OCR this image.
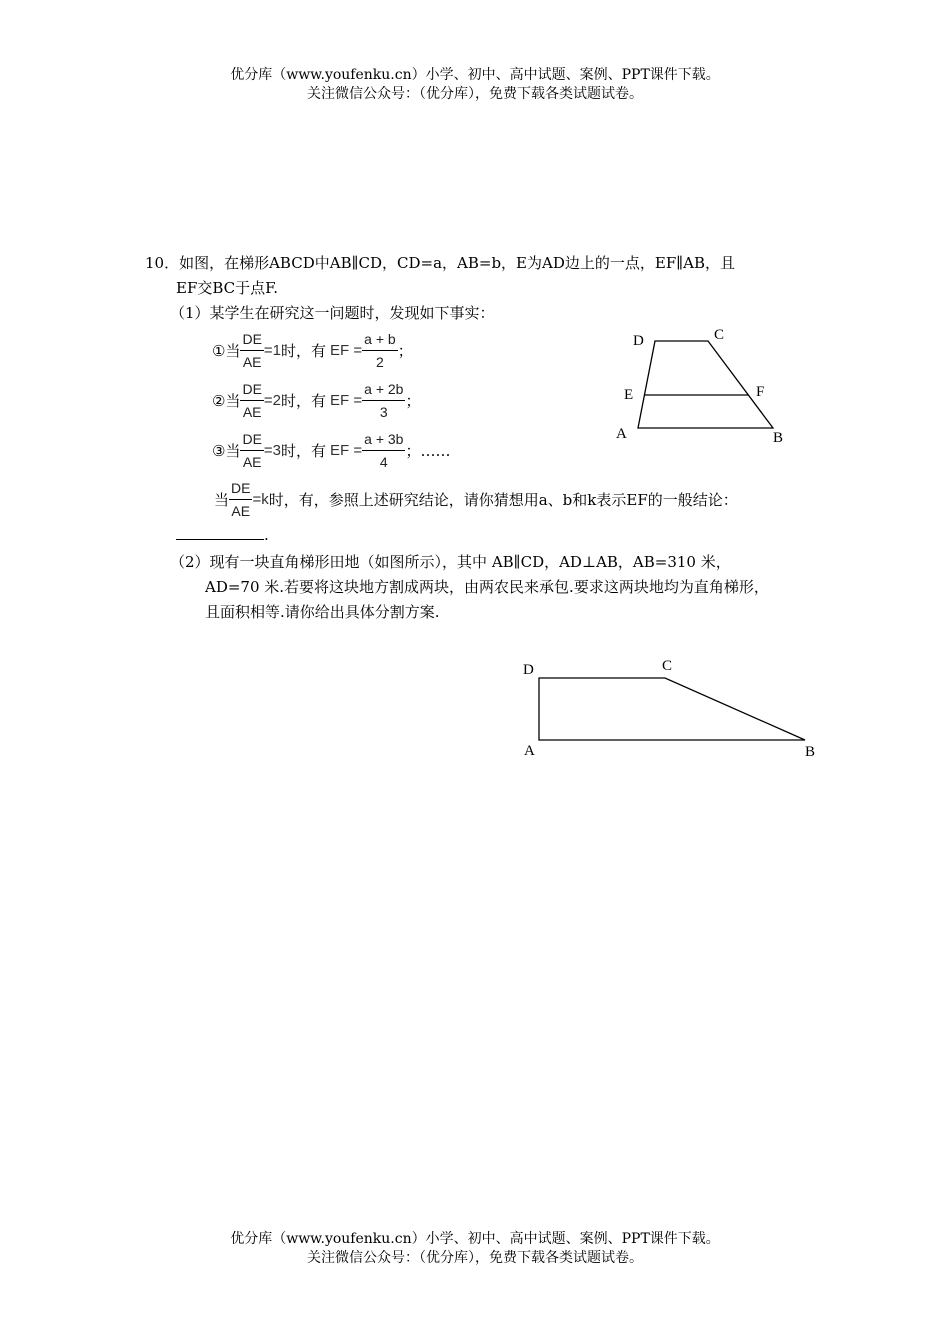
优分库（www.youfenku.cn）小学、初中、高中试题、案例、PPT课件下载。
关注微信公众号：（优分库），免费下载各类试题试卷。
10．如图，在梯形ABCD中AB∥CD，CD=a，AB=b，E为AD边上的一点，EF∥AB，且
EF交BC于点F.
（1）某学生在研究这一问题时，发现如下事实：
① 当 $\frac{DE}{AE} =1$ 时，有 EF = $\frac{a + b}{2}$ ；
② 当 $\frac{DE}{AE} =2$ 时，有 EF = $\frac{a + 2b}{3}$ ；
③ 当 $\frac{DE}{AE} =3$ 时，有 EF = $\frac{a + 3b}{4}$ ；……
当 $\frac{DE}{AE} =k$ 时，有，参照上述研究结论，请你猜想用a、b和k表示EF的一般结论：
.
（2）现有一块直角梯形田地（如图所示），其中 AB∥CD，AD⊥AB，AB=310 米，
AD=70 米.若要将这块地方割成两块，由两农民来承包.要求这两块地均为直角梯形，
且面积相等.请你给出具体分割方案.
D	C
E	F
A	B
D	C
A	B
优分库（www.youfenku.cn）小学、初中、高中试题、案例、PPT课件下载。
关注微信公众号：（优分库），免费下载各类试题试卷。
